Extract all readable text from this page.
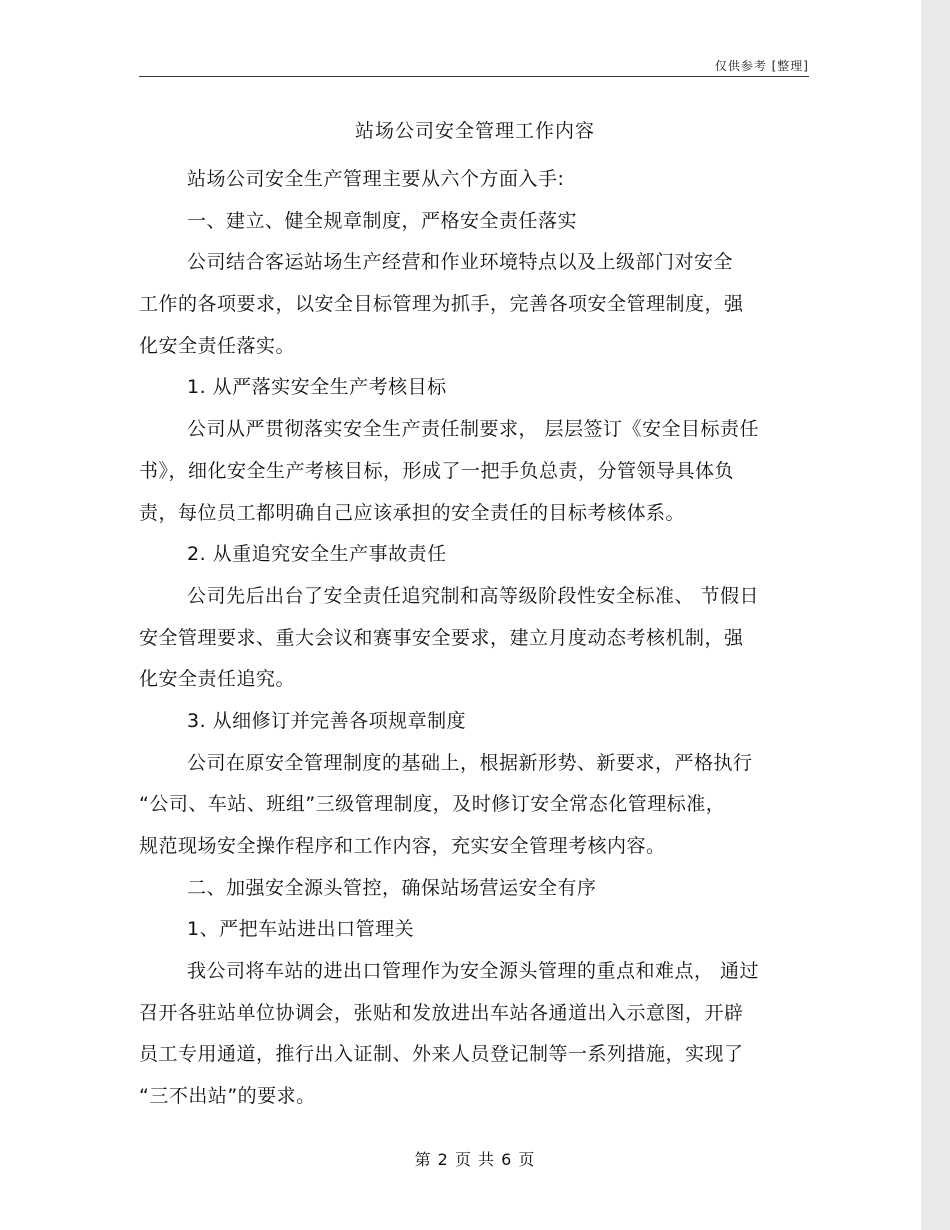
仅供参考 [整理]
站场公司安全管理工作内容
站场公司安全生产管理主要从六个方面入手:
一、建立、健全规章制度，严格安全责任落实
公司结合客运站场生产经营和作业环境特点以及上级部门对安全
工作的各项要求，以安全目标管理为抓手，完善各项安全管理制度，强
化安全责任落实。
1. 从严落实安全生产考核目标
公司从严贯彻落实安全生产责任制要求， 层层签订《安全目标责任
书》，细化安全生产考核目标，形成了一把手负总责，分管领导具体负
责，每位员工都明确自己应该承担的安全责任的目标考核体系。
2. 从重追究安全生产事故责任
公司先后出台了安全责任追究制和高等级阶段性安全标准、 节假日
安全管理要求、重大会议和赛事安全要求，建立月度动态考核机制，强
化安全责任追究。
3. 从细修订并完善各项规章制度
公司在原安全管理制度的基础上，根据新形势、新要求，严格执行
“公司、车站、班组”三级管理制度，及时修订安全常态化管理标准，
规范现场安全操作程序和工作内容，充实安全管理考核内容。
二、加强安全源头管控，确保站场营运安全有序
1、严把车站进出口管理关
我公司将车站的进出口管理作为安全源头管理的重点和难点， 通过
召开各驻站单位协调会，张贴和发放进出车站各通道出入示意图，开辟
员工专用通道，推行出入证制、外来人员登记制等一系列措施，实现了
“三不出站”的要求。
第 2 页 共 6 页
